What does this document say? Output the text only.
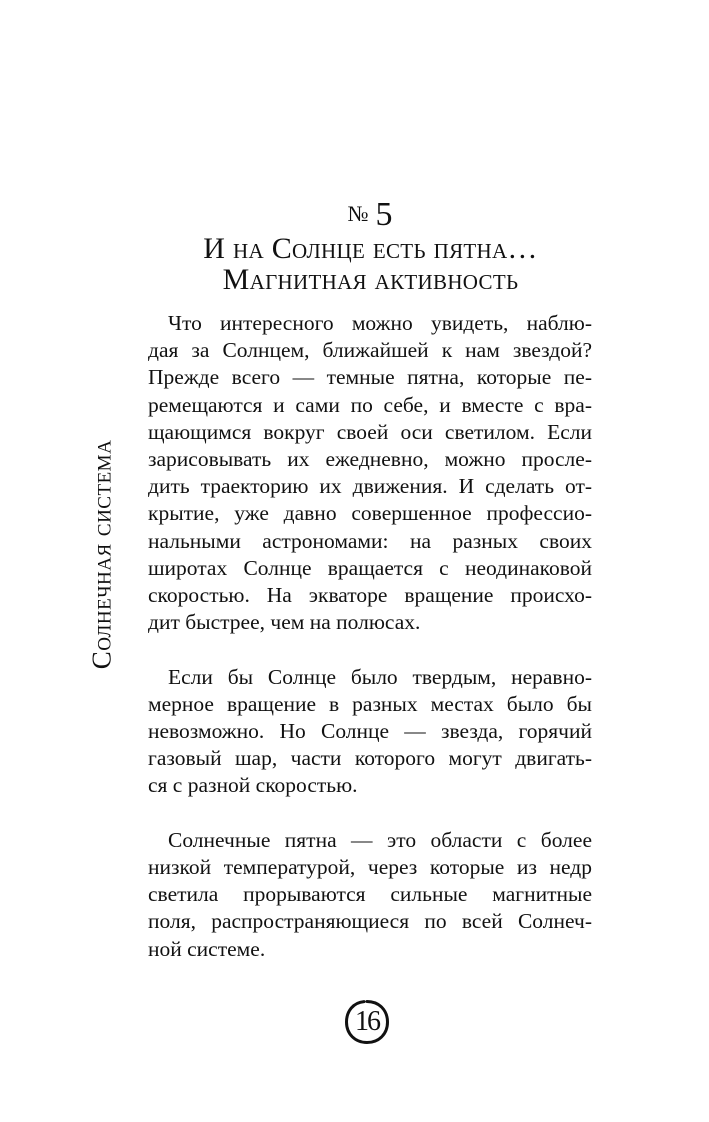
Солнечная система
№ 5
И на Солнце есть пятна…
Магнитная активность
Что интересного можно увидеть, наблю-
дая за Солнцем, ближайшей к нам звездой?
Прежде всего — темные пятна, которые пе-
ремещаются и сами по себе, и вместе с вра-
щающимся вокруг своей оси светилом. Если
зарисовывать их ежедневно, можно просле-
дить траекторию их движения. И сделать от-
крытие, уже давно совершенное профессио-
нальными астрономами: на разных своих
широтах Солнце вращается с неодинаковой
скоростью. На экваторе вращение происхо-
дит быстрее, чем на полюсах.
Если бы Солнце было твердым, неравно-
мерное вращение в разных местах было бы
невозможно. Но Солнце — звезда, горячий
газовый шар, части которого могут двигать-
ся с разной скоростью.
Солнечные пятна — это области с более
низкой температурой, через которые из недр
светила прорываются сильные магнитные
поля, распространяющиеся по всей Солнеч-
ной системе.
16
